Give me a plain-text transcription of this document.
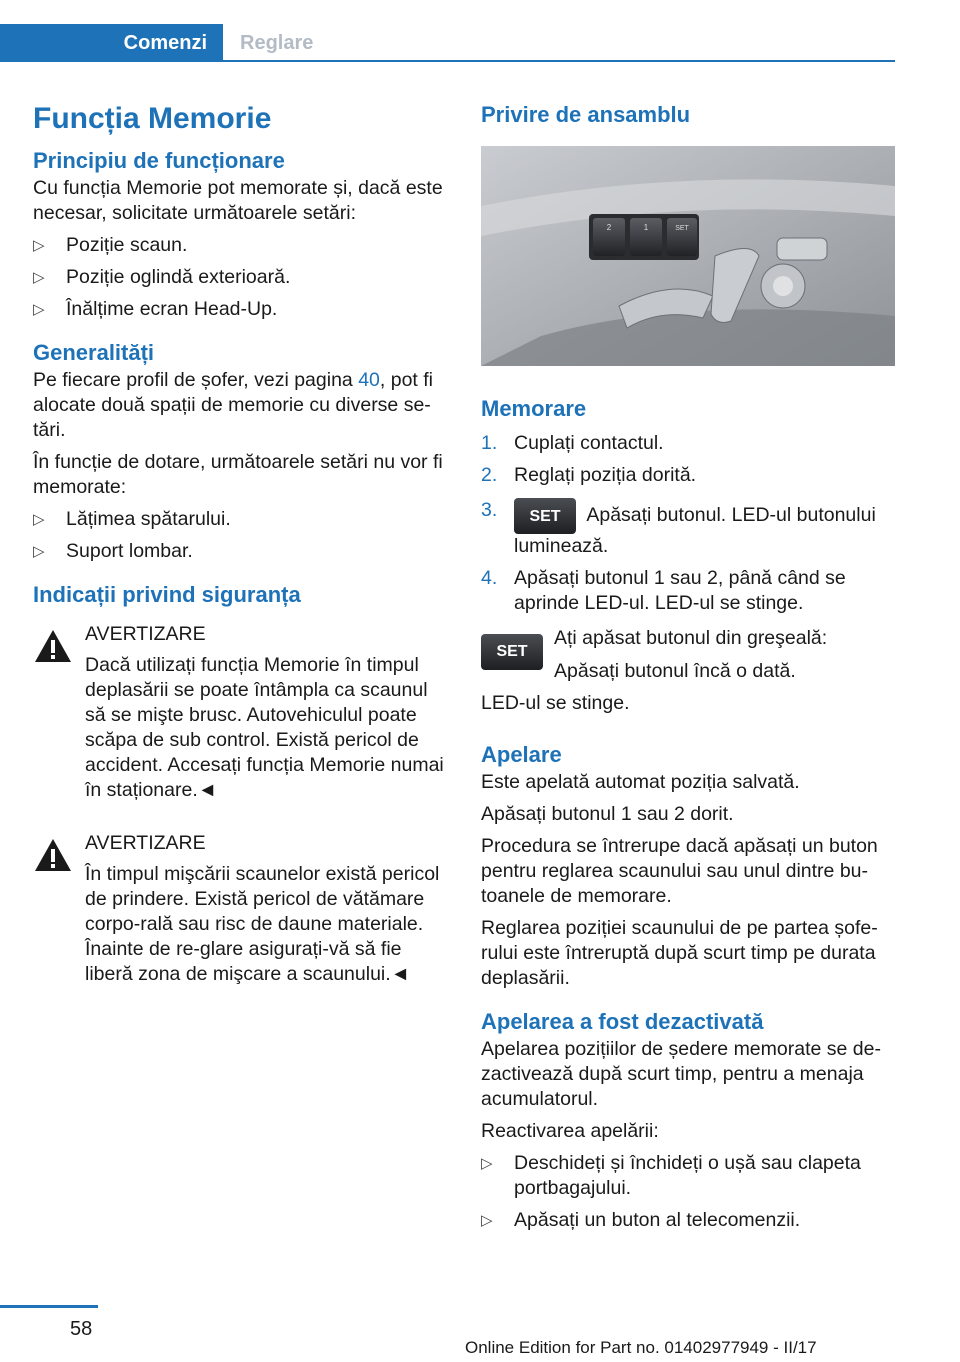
Comenzi	Reglare
Funcția Memorie
Principiu de funcționare

Cu funcția Memorie pot memorate și, dacă este necesar, solicitate următoarele setări:

▷ Poziție scaun.
▷ Poziție oglindă exterioară.
▷ Înălțime ecran Head-Up.
Generalități

Pe fiecare profil de șofer, vezi pagina 40, pot fi alocate două spații de memorie cu diverse se-tări.

În funcție de dotare, următoarele setări nu vor fi memorate:

▷ Lățimea spătarului.
▷ Suport lombar.
Indicații privind siguranța

AVERTIZARE

Dacă utilizați funcția Memorie în timpul deplasării se poate întâmpla ca scaunul să se mişte brusc. Autovehiculul poate scăpa de sub control. Există pericol de accident. Accesați funcția Memorie numai în staționare.◄

AVERTIZARE

În timpul mişcării scaunelor există pericol de prindere. Există pericol de vătămare corpo-rală sau risc de daune materiale. Înainte de re-glare asigurați-vă să fie liberă zona de mişcare a scaunului.◄

Privire de ansamblu
2	1	SET
Memorare
1. Cuplați contactul.
2. Reglați poziția dorită.
3. SET Apăsați butonul. LED-ul butonului luminează.
4. Apăsați butonul 1 sau 2, până când se aprinde LED-ul. LED-ul se stinge.
SET

Ați apăsat butonul din greşeală:

Apăsați butonul încă o dată.

LED-ul se stinge.

Apelare

Este apelată automat poziția salvată.

Apăsați butonul 1 sau 2 dorit.

Procedura se întrerupe dacă apăsați un buton pentru reglarea scaunului sau unul dintre bu-toanele de memorare.

Reglarea poziției scaunului de pe partea șofe-rului este întreruptă după scurt timp pe durata deplasării.

Apelarea a fost dezactivată

Apelarea pozițiilor de ședere memorate se de-zactivează după scurt timp, pentru a menaja acumulatorul.

Reactivarea apelării:

▷ Deschideți și închideți o ușă sau clapeta portbagajului.
▷ Apăsați un buton al telecomenzii.
58
Online Edition for Part no. 01402977949 - II/17
